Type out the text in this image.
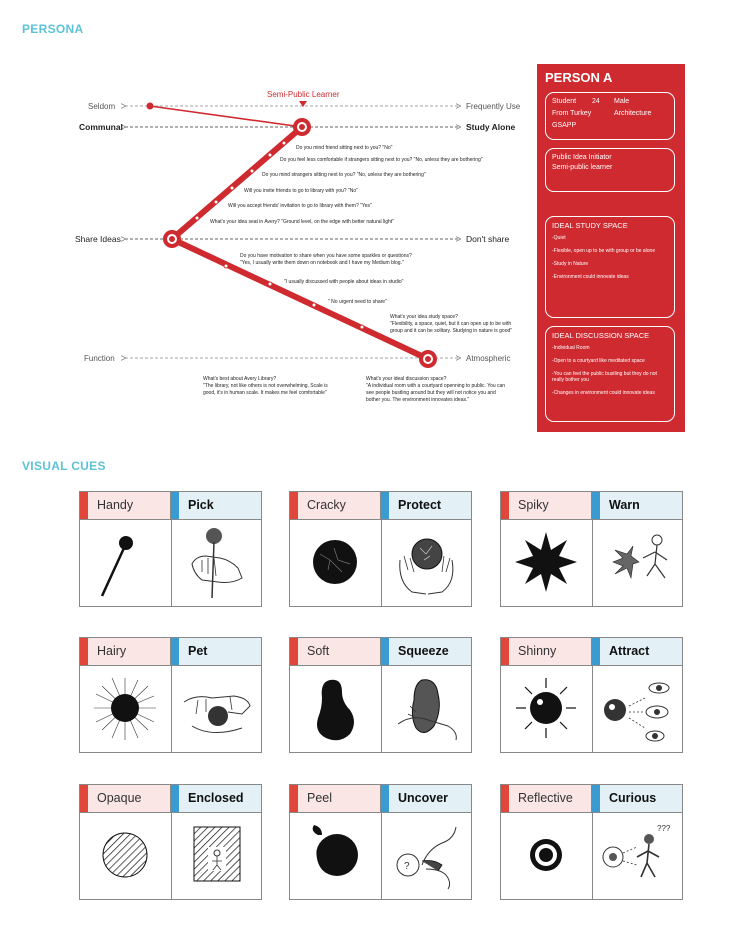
PERSONA
Seldom	Frequently Use
Communal	Study Alone
Share Ideas	Don't share
Function	Atmospheric
Semi-Public Learner
Do you mind friend sitting next to you? "No"
Do you feel less comfortable if strangers sitting next to you? "No, unless they are bothering"
Do you mind strangers sitting next to you? "No, unless they are bothering"
Will you invite friends to go to library with you? "No"
Will you accept friends' invitation to go to library with them? "Yes"
What's your idea seat in Avery? "Ground level, on the edge with better natural light"
Do you have motivation to share when you have some sparkles or questions?
"Yes, I usually write them down on notebook and I have my Medium blog."
"I usually discussed with people about ideas in studio"
" No urgent need to share"
What's your idea study space?
"Flexibility, a space, quiet, but it can open up to be with
group and it can be solitary. Studying in nature is good"
What's best about Avery Library?
"The library, not like others is not overwhelming, Scale is
good, it's in human scale. It makes me feel comfortable"
What's your ideal discussion space?
"A individual room with a courtyard openning to public. You can
see people bustling around but they will not notice you and
bother you. The environment innovates ideas."
PERSON A
Student 24 Male
From Turkey	Architecture
GSAPP
Public Idea Initiator
Semi-public learner
IDEAL STUDY SPACE
-Quiet
-Flexible, open up to be with group or be alone
-Study in Nature
-Environment could innovate ideas
IDEAL DISCUSSION SPACE
-Individual Room
-Open to a courtyard like meditated space
-You can feel the public bustling but they do not really bother you
-Changes in environment could innovate ideas
VISUAL CUES
Handy	Pick	Cracky	Protect	Spiky	Warn
Hairy	Pet	Soft	Squeeze	Shinny	Attract
Opaque	Enclosed	Peel	Uncover
?
Reflective	Curious
???
